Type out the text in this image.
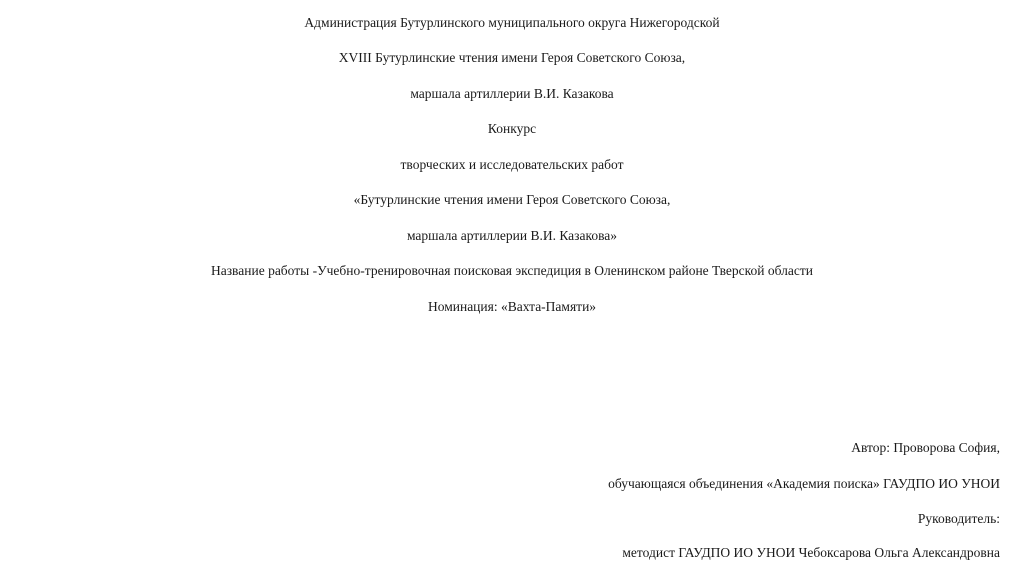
Администрация Бутурлинского муниципального округа Нижегородской
XVIII Бутурлинские чтения имени Героя Советского Союза,
маршала артиллерии В.И. Казакова
Конкурс
творческих и исследовательских работ
«Бутурлинские чтения имени Героя Советского Союза,
маршала артиллерии В.И. Казакова»
Название работы -Учебно-тренировочная поисковая экспедиция в Оленинском районе Тверской области
Номинация: «Вахта-Памяти»
Автор: Проворова София,
обучающаяся объединения «Академия поиска» ГАУДПО ИО УНОИ
Руководитель:
методист ГАУДПО ИО УНОИ Чебоксарова Ольга Александровна
